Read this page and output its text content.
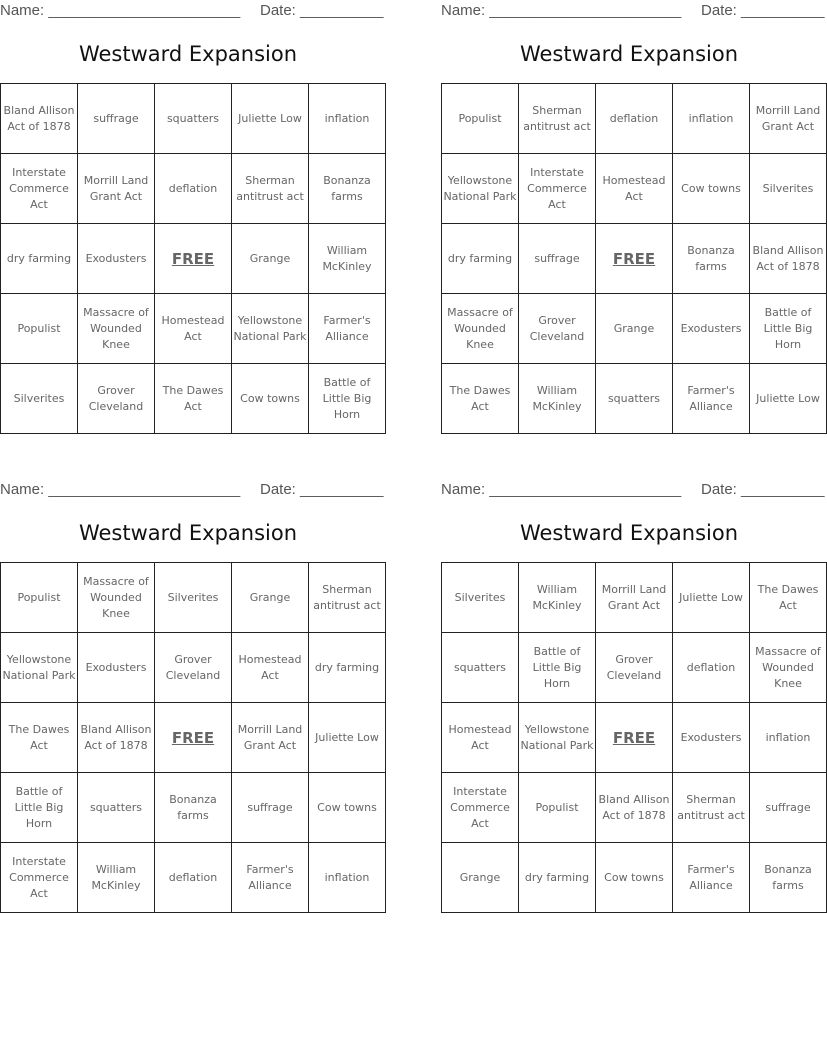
Name: _______________________ Date: __________
Westward Expansion
Bland Allison Act of 1878	suffrage	squatters	Juliette Low	inflation
Interstate Commerce Act	Morrill Land Grant Act	deflation	Sherman antitrust act	Bonanza farms
dry farming	Exodusters	FREE	Grange	William McKinley
Populist	Massacre of Wounded Knee	Homestead Act	Yellowstone National Park	Farmer's Alliance
Silverites	Grover Cleveland	The Dawes Act	Cow towns	Battle of Little Big Horn
Name: _______________________ Date: __________
Westward Expansion
Populist	Sherman antitrust act	deflation	inflation	Morrill Land Grant Act
Yellowstone National Park	Interstate Commerce Act	Homestead Act	Cow towns	Silverites
dry farming	suffrage	FREE	Bonanza farms	Bland Allison Act of 1878
Massacre of Wounded Knee	Grover Cleveland	Grange	Exodusters	Battle of Little Big Horn
The Dawes Act	William McKinley	squatters	Farmer's Alliance	Juliette Low
Name: _______________________ Date: __________
Westward Expansion
Populist	Massacre of Wounded Knee	Silverites	Grange	Sherman antitrust act
Yellowstone National Park	Exodusters	Grover Cleveland	Homestead Act	dry farming
The Dawes Act	Bland Allison Act of 1878	FREE	Morrill Land Grant Act	Juliette Low
Battle of Little Big Horn	squatters	Bonanza farms	suffrage	Cow towns
Interstate Commerce Act	William McKinley	deflation	Farmer's Alliance	inflation
Name: _______________________ Date: __________
Westward Expansion
Silverites	William McKinley	Morrill Land Grant Act	Juliette Low	The Dawes Act
squatters	Battle of Little Big Horn	Grover Cleveland	deflation	Massacre of Wounded Knee
Homestead Act	Yellowstone National Park	FREE	Exodusters	inflation
Interstate Commerce Act	Populist	Bland Allison Act of 1878	Sherman antitrust act	suffrage
Grange	dry farming	Cow towns	Farmer's Alliance	Bonanza farms
